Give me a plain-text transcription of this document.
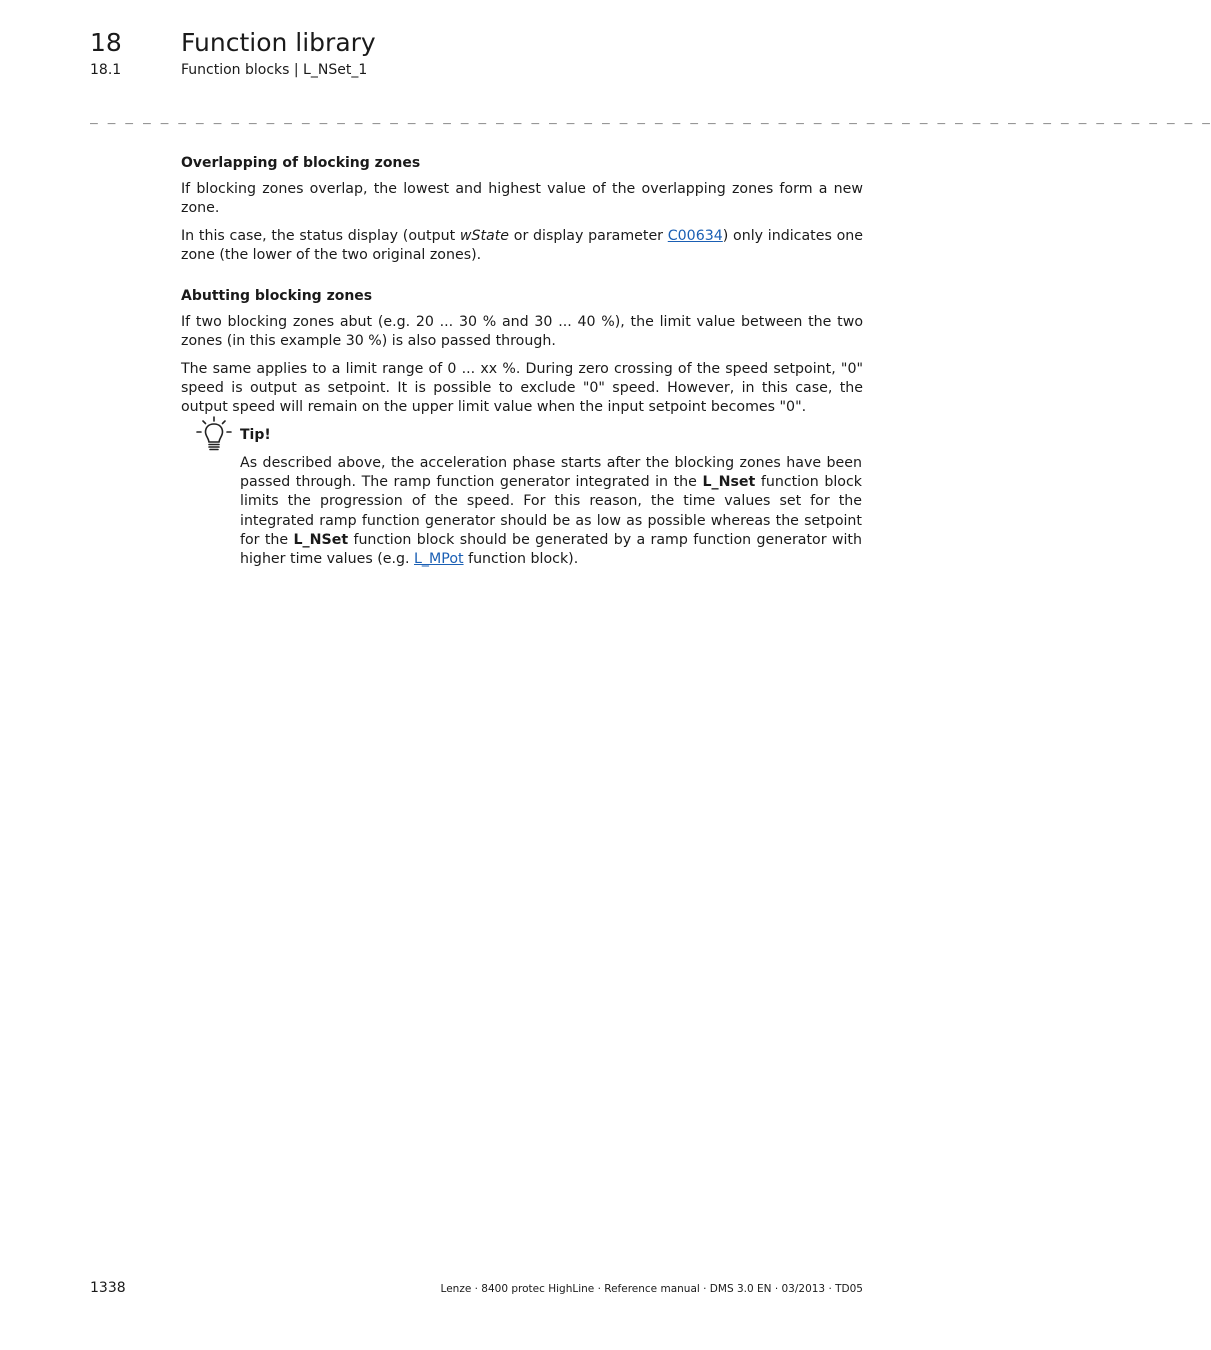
18 Function library
18.1	Function blocks | L_NSet_1
_ _ _ _ _ _ _ _ _ _ _ _ _ _ _ _ _ _ _ _ _ _ _ _ _ _ _ _ _ _ _ _ _ _ _ _ _ _ _ _ _ _ _ _ _ _ _ _ _ _ _ _ _ _ _ _ _ _ _ _ _ _ _ _
Overlapping of blocking zones

If blocking zones overlap, the lowest and highest value of the overlapping zones form a new zone.

In this case, the status display (output wState or display parameter C00634) only indicates one zone (the lower of the two original zones).

Abutting blocking zones

If two blocking zones abut (e.g. 20 ... 30 % and 30 ... 40 %), the limit value between the two zones (in this example 30 %) is also passed through.

The same applies to a limit range of 0 ... xx %. During zero crossing of the speed setpoint, "0" speed is output as setpoint. It is possible to exclude "0" speed. However, in this case, the output speed will remain on the upper limit value when the input setpoint becomes "0".

Tip!
As described above, the acceleration phase starts after the blocking zones have been passed through. The ramp function generator integrated in the L_Nset function block limits the progression of the speed. For this reason, the time values set for the integrated ramp function generator should be as low as possible whereas the setpoint for the L_NSet function block should be generated by a ramp function generator with higher time values (e.g. L_MPot function block).
1338	Lenze · 8400 protec HighLine · Reference manual · DMS 3.0 EN · 03/2013 · TD05
